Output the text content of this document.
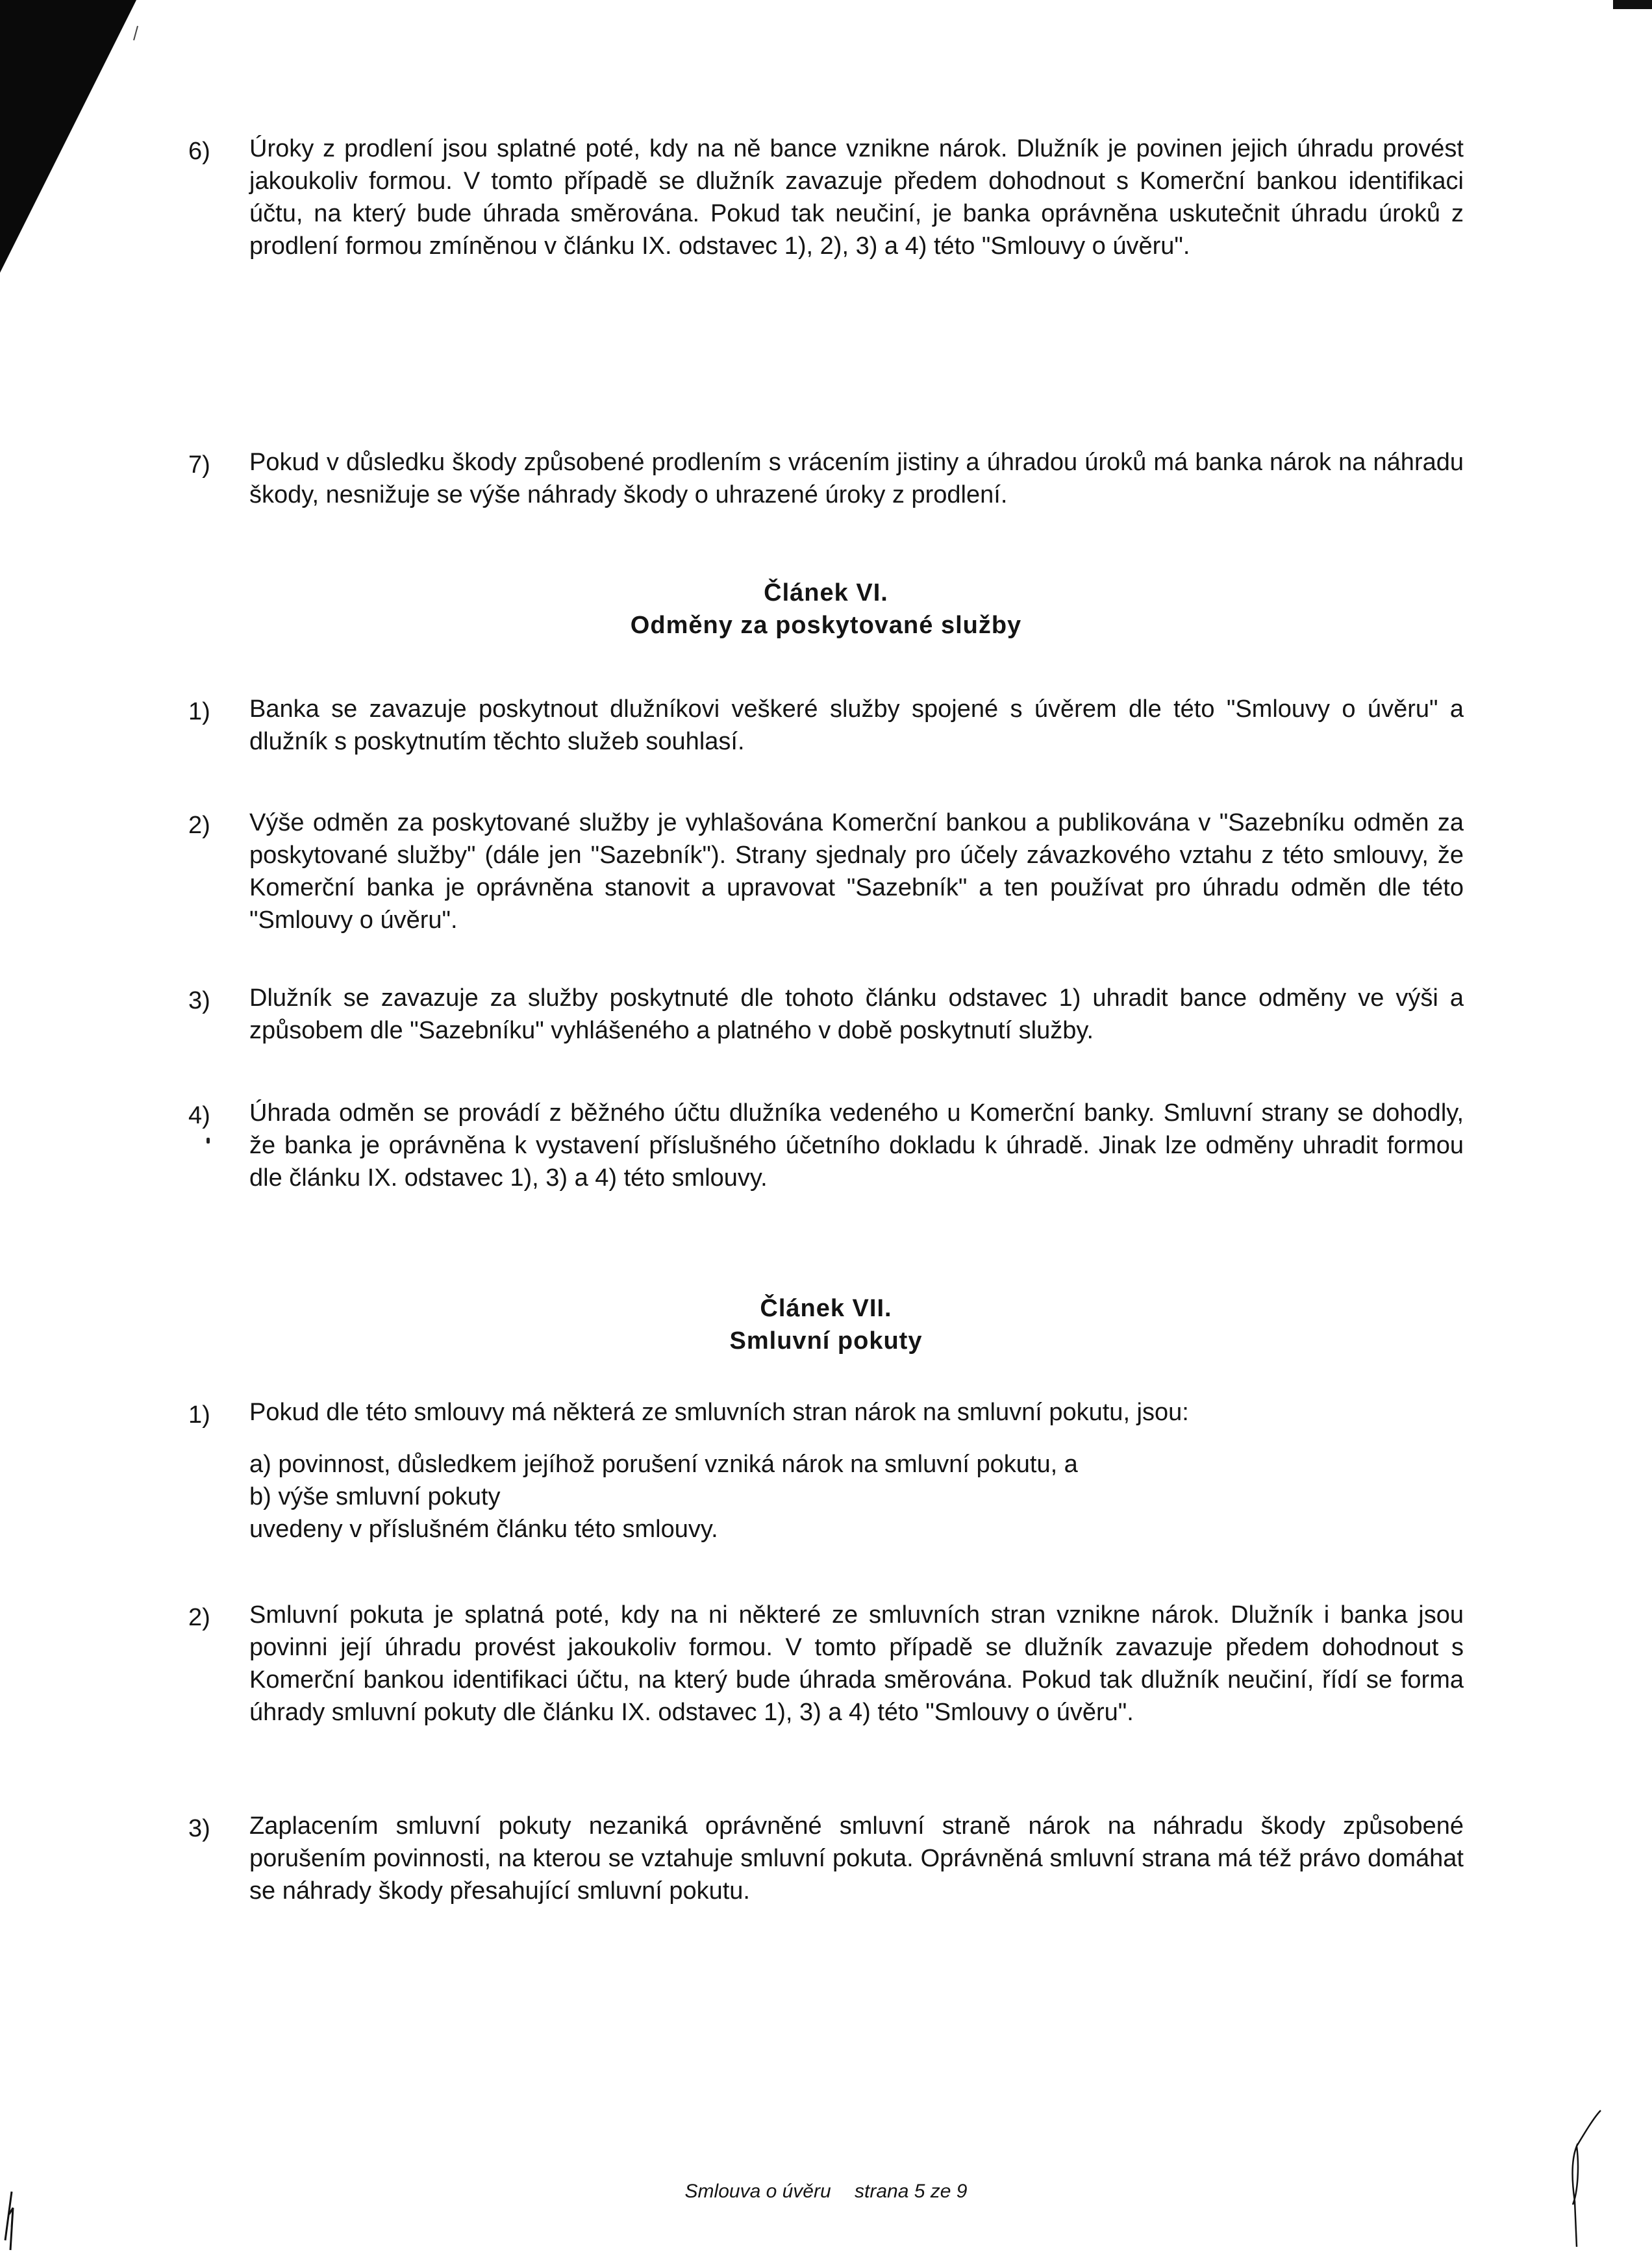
6) Úroky z prodlení jsou splatné poté, kdy na ně bance vznikne nárok. Dlužník je povinen jejich úhradu provést jakoukoliv formou. V tomto případě se dlužník zavazuje předem dohodnout s Komerční bankou identifikaci účtu, na který bude úhrada směrována. Pokud tak neučiní, je banka oprávněna uskutečnit úhradu úroků z prodlení formou zmíněnou v článku IX. odstavec 1), 2), 3) a 4) této "Smlouvy o úvěru".
7) Pokud v důsledku škody způsobené prodlením s vrácením jistiny a úhradou úroků má banka nárok na náhradu škody, nesnižuje se výše náhrady škody o uhrazené úroky z prodlení.
Článek VI.
Odměny za poskytované služby
1) Banka se zavazuje poskytnout dlužníkovi veškeré služby spojené s úvěrem dle této "Smlouvy o úvěru" a dlužník s poskytnutím těchto služeb souhlasí.
2) Výše odměn za poskytované služby je vyhlašována Komerční bankou a publikována v "Sazebníku odměn za poskytované služby" (dále jen "Sazebník"). Strany sjednaly pro účely závazkového vztahu z této smlouvy, že Komerční banka je oprávněna stanovit a upravovat "Sazebník" a ten používat pro úhradu odměn dle této "Smlouvy o úvěru".
3) Dlužník se zavazuje za služby poskytnuté dle tohoto článku odstavec 1) uhradit bance odměny ve výši a způsobem dle "Sazebníku" vyhlášeného a platného v době poskytnutí služby.
4) Úhrada odměn se provádí z běžného účtu dlužníka vedeného u Komerční banky. Smluvní strany se dohodly, že banka je oprávněna k vystavení příslušného účetního dokladu k úhradě. Jinak lze odměny uhradit formou dle článku IX. odstavec 1), 3) a 4) této smlouvy.
Článek VII.
Smluvní pokuty
1) Pokud dle této smlouvy má některá ze smluvních stran nárok na smluvní pokutu, jsou:
a) povinnost, důsledkem jejíhož porušení vzniká nárok na smluvní pokutu, a
b) výše smluvní pokuty
uvedeny v příslušném článku této smlouvy.
2) Smluvní pokuta je splatná poté, kdy na ni některé ze smluvních stran vznikne nárok. Dlužník i banka jsou povinni její úhradu provést jakoukoliv formou. V tomto případě se dlužník zavazuje předem dohodnout s Komerční bankou identifikaci účtu, na který bude úhrada směrována. Pokud tak dlužník neučiní, řídí se forma úhrady smluvní pokuty dle článku IX. odstavec 1), 3) a 4) této "Smlouvy o úvěru".
3) Zaplacením smluvní pokuty nezaniká oprávněné smluvní straně nárok na náhradu škody způsobené porušením povinnosti, na kterou se vztahuje smluvní pokuta. Oprávněná smluvní strana má též právo domáhat se náhrady škody přesahující smluvní pokutu.
Smlouva o úvěru strana 5 ze 9
